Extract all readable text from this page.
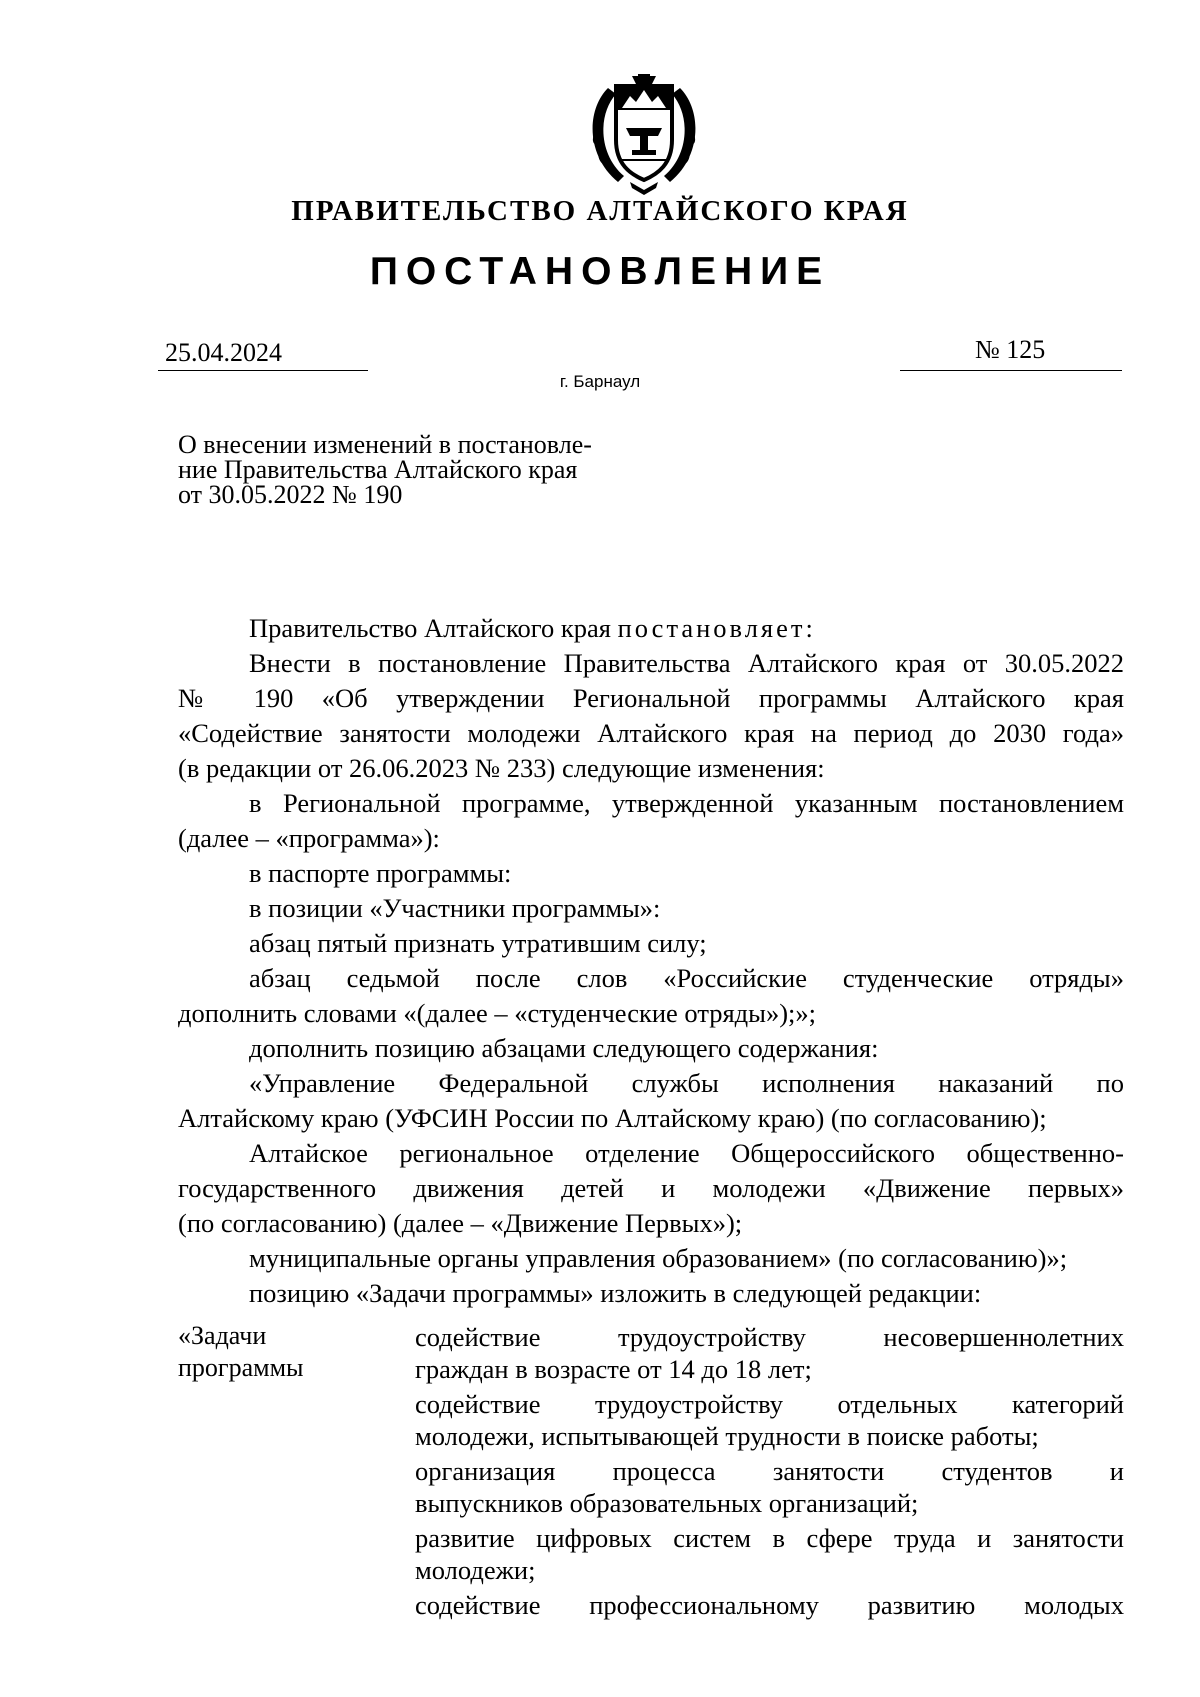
ПРАВИТЕЛЬСТВО АЛТАЙСКОГО КРАЯ
ПОСТАНОВЛЕНИЕ
25.04.2024	№ 125
г. Барнаул
О внесении изменений в постановле-
ние Правительства Алтайского края
от 30.05.2022 № 190
Правительство Алтайского края постановляет:
Внести в постановление Правительства Алтайского края от 30.05.2022
№ 190 «Об утверждении Региональной программы Алтайского края
«Содействие занятости молодежи Алтайского края на период до 2030 года»
(в редакции от 26.06.2023 № 233) следующие изменения:
в Региональной программе, утвержденной указанным постановлением
(далее – «программа»):
в паспорте программы:
в позиции «Участники программы»:
абзац пятый признать утратившим силу;
абзац седьмой после слов «Российские студенческие отряды»
дополнить словами «(далее – «студенческие отряды»);»;
дополнить позицию абзацами следующего содержания:
«Управление Федеральной службы исполнения наказаний по
Алтайскому краю (УФСИН России по Алтайскому краю) (по согласованию);
Алтайское региональное отделение Общероссийского общественно-
государственного движения детей и молодежи «Движение первых»
(по согласованию) (далее – «Движение Первых»);
муниципальные органы управления образованием» (по согласованию)»;
позицию «Задачи программы» изложить в следующей редакции:
«Задачи
программы
содействие трудоустройству несовершеннолетних
граждан в возрасте от 14 до 18 лет;
содействие трудоустройству отдельных категорий
молодежи, испытывающей трудности в поиске работы;
организация процесса занятости студентов и
выпускников образовательных организаций;
развитие цифровых систем в сфере труда и занятости
молодежи;
содействие профессиональному развитию молодых
